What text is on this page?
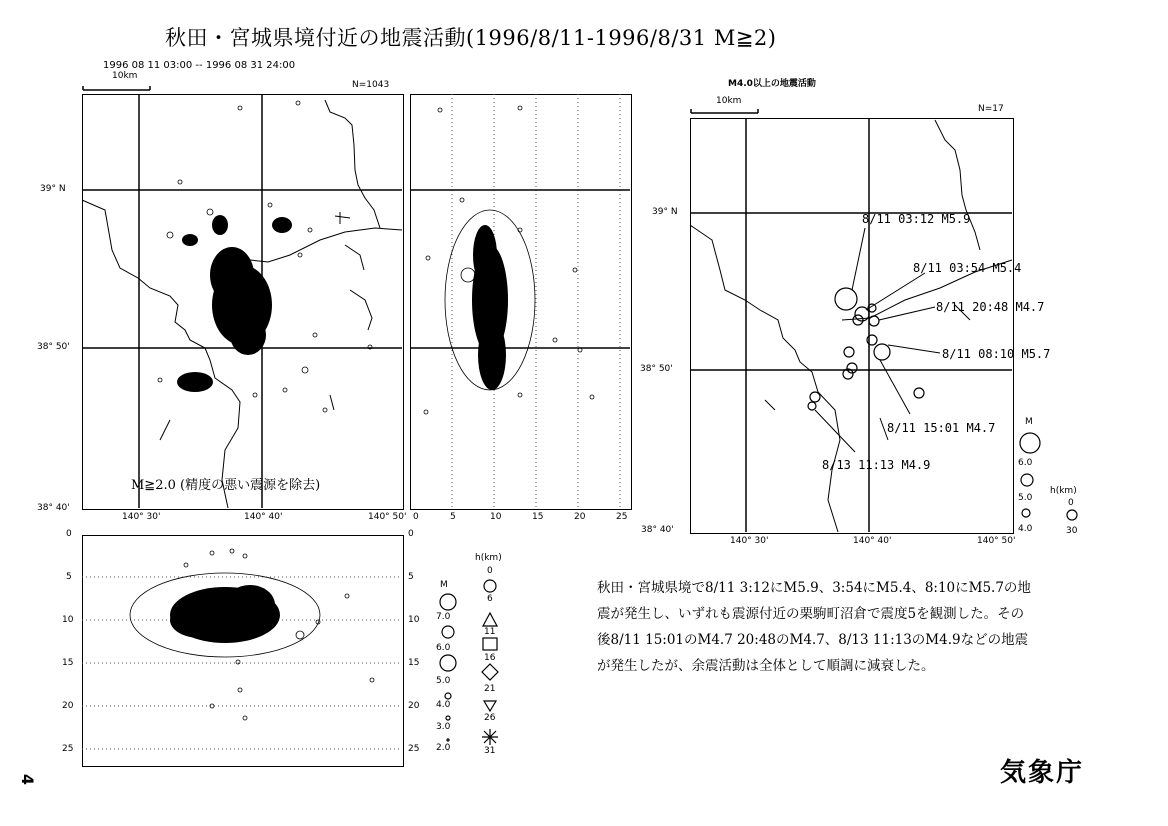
秋田・宮城県境付近の地震活動(1996/8/11-1996/8/31 M≧2)
1996 08 11 03:00 -- 1996 08 31 24:00
10km
N=1043
39° N
38° 50'
38° 40'
140° 30'	140° 40'	140° 50'
M≧2.0 (精度の悪い震源を除去)
0	5	10	15	20	25
0
5
10
15
20
25
0
5
10
15
20
25
M
7.0
6.0
5.0
4.0
3.0
2.0
h(km)
0
6
11
16
21
26
31
M4.0以上の地震活動
10km
N=17
39° N
38° 50'
38° 40'
140° 30'	140° 40'	140° 50'
8/11 03:12 M5.9
8/11 03:54 M5.4
8/11 20:48 M4.7
8/11 08:10 M5.7
8/11 15:01 M4.7
8/13 11:13 M4.9
M
6.0
5.0
4.0
h(km)
0
30
秋田・宮城県境で8/11 3:12にM5.9、3:54にM5.4、8:10にM5.7の地震が発生し、いずれも震源付近の栗駒町沼倉で震度5を観測した。その後8/11 15:01のM4.7 20:48のM4.7、8/13 11:13のM4.9などの地震が発生したが、余震活動は全体として順調に減衰した。
気象庁
4
